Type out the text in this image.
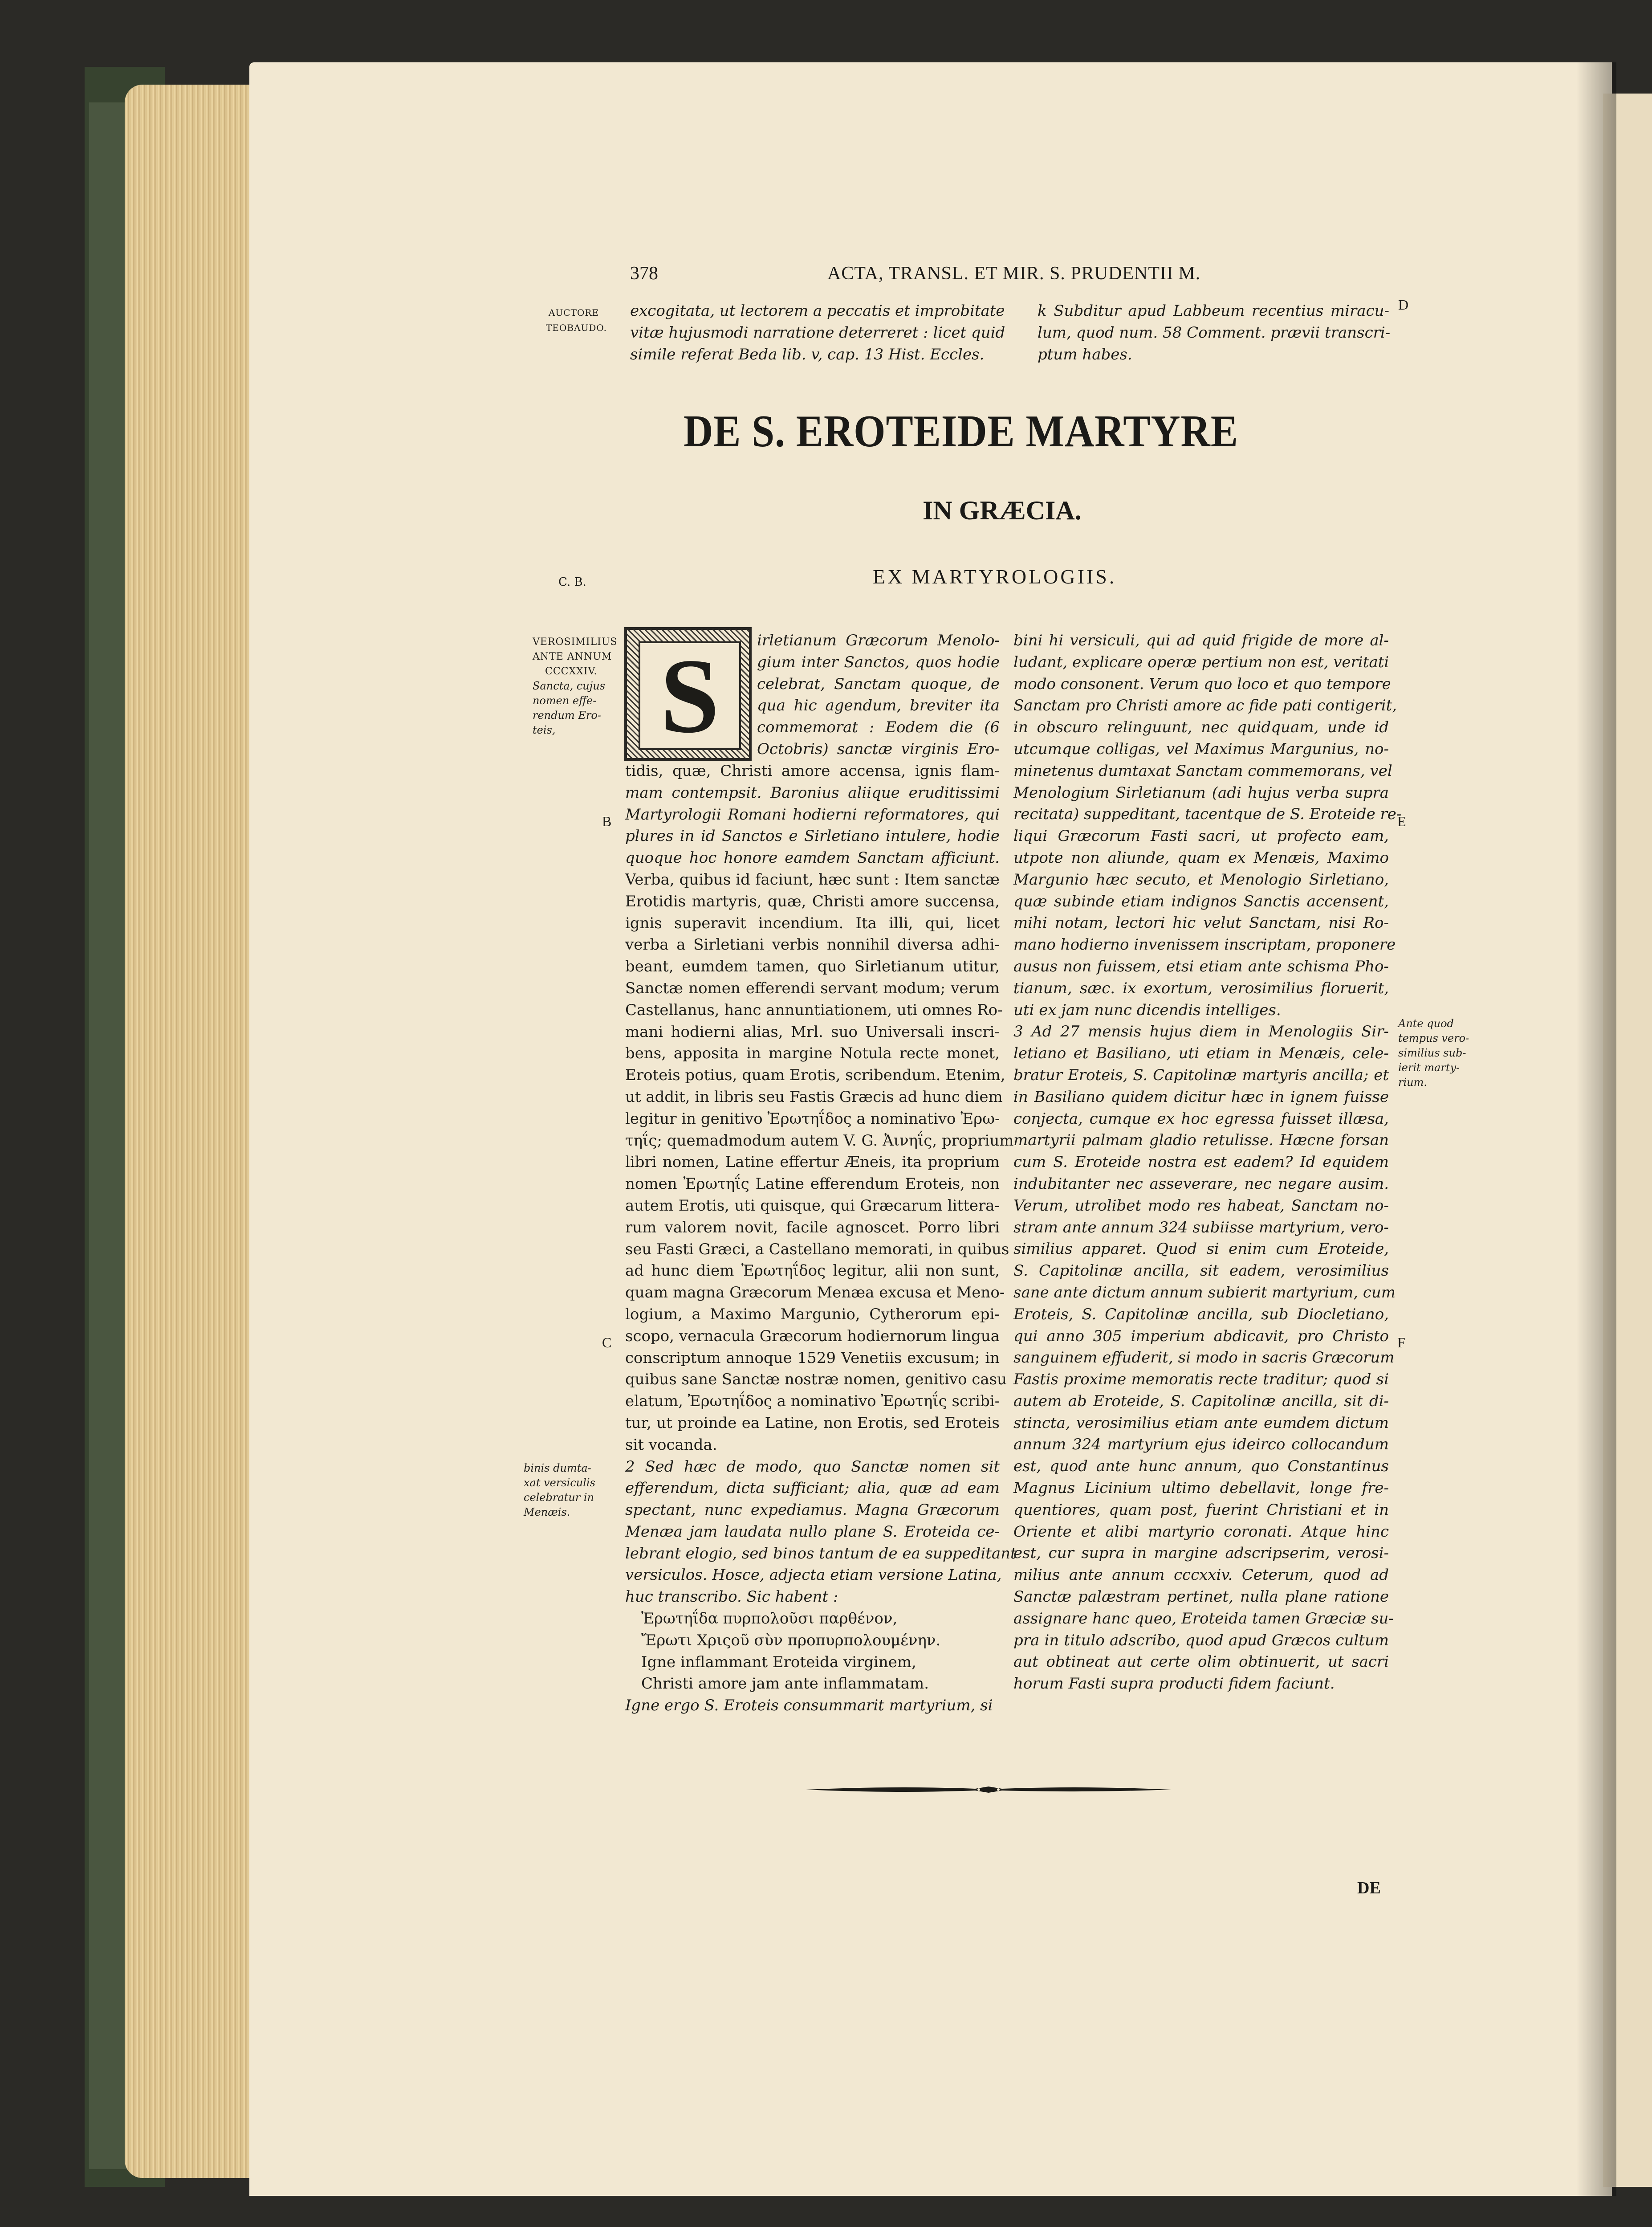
378	ACTA, TRANSL. ET MIR. S. PRUDENTII M.
D
AUCTORE
TEOBAUDO.
excogitata, ut lectorem a peccatis et improbitate
vitæ hujusmodi narratione deterreret : licet quid
simile referat Beda lib. v, cap. 13 Hist. Eccles.
k Subditur apud Labbeum recentius miracu-
lum, quod num. 58 Comment. prævii transcri-
ptum habes.
DE S. EROTEIDE MARTYRE
IN GRÆCIA.
EX MARTYROLOGIIS.
C. B.
VEROSIMILIUS
ANTE ANNUM
CCCXXIV.
Sancta, cujus
nomen effe-
rendum Ero-
teis,
binis dumta-
xat versiculis
celebratur in
Menæis.
Ante quod
tempus vero-
similius sub-
ierit marty-
rium.
B
C
E
F
S	irletianum Græcorum Menolo-
gium inter Sanctos, quos hodie
celebrat, Sanctam quoque, de
qua hic agendum, breviter ita
commemorat : Eodem die (6
Octobris) sanctæ virginis Ero-
tidis, quæ, Christi amore accensa, ignis flam-
mam contempsit. Baronius aliique eruditissimi
Martyrologii Romani hodierni reformatores, qui
plures in id Sanctos e Sirletiano intulere, hodie
quoque hoc honore eamdem Sanctam afficiunt.
Verba, quibus id faciunt, hæc sunt : Item sanctæ
Erotidis martyris, quæ, Christi amore succensa,
ignis superavit incendium. Ita illi, qui, licet
verba a Sirletiani verbis nonnihil diversa adhi-
beant, eumdem tamen, quo Sirletianum utitur,
Sanctæ nomen efferendi servant modum; verum
Castellanus, hanc annuntiationem, uti omnes Ro-
mani hodierni alias, Mrl. suo Universali inscri-
bens, apposita in margine Notula recte monet,
Eroteis potius, quam Erotis, scribendum. Etenim,
ut addit, in libris seu Fastis Græcis ad hunc diem
legitur in genitivo Ἐρωτηΐδος a nominativo Ἐρω-
τηΐς; quemadmodum autem V. G. Ἀινηΐς, proprium
libri nomen, Latine effertur Æneis, ita proprium
nomen Ἐρωτηΐς Latine efferendum Eroteis, non
autem Erotis, uti quisque, qui Græcarum littera-
rum valorem novit, facile agnoscet. Porro libri
seu Fasti Græci, a Castellano memorati, in quibus
ad hunc diem Ἐρωτηΐδος legitur, alii non sunt,
quam magna Græcorum Menæa excusa et Meno-
logium, a Maximo Margunio, Cytherorum epi-
scopo, vernacula Græcorum hodiernorum lingua
conscriptum annoque 1529 Venetiis excusum; in
quibus sane Sanctæ nostræ nomen, genitivo casu
elatum, Ἐρωτηΐδος a nominativo Ἐρωτηΐς scribi-
tur, ut proinde ea Latine, non Erotis, sed Eroteis
sit vocanda.
2 Sed hæc de modo, quo Sanctæ nomen sit
efferendum, dicta sufficiant; alia, quæ ad eam
spectant, nunc expediamus. Magna Græcorum
Menæa jam laudata nullo plane S. Eroteida ce-
lebrant elogio, sed binos tantum de ea suppeditant
versiculos. Hosce, adjecta etiam versione Latina,
huc transcribo. Sic habent :
Ἐρωτηΐδα πυρπολοῦσι παρθένον,
Ἔρωτι Χριςοῦ σὺν προπυρπολουμένην.
Igne inflammant Eroteida virginem,
Christi amore jam ante inflammatam.
Igne ergo S. Eroteis consummarit martyrium, si
bini hi versiculi, qui ad quid frigide de more al-
ludant, explicare operæ pertium non est, veritati
modo consonent. Verum quo loco et quo tempore
Sanctam pro Christi amore ac fide pati contigerit,
in obscuro relinguunt, nec quidquam, unde id
utcumque colligas, vel Maximus Margunius, no-
minetenus dumtaxat Sanctam commemorans, vel
Menologium Sirletianum (adi hujus verba supra
recitata) suppeditant, tacentque de S. Eroteide re-
liqui Græcorum Fasti sacri, ut profecto eam,
utpote non aliunde, quam ex Menæis, Maximo
Margunio hæc secuto, et Menologio Sirletiano,
quæ subinde etiam indignos Sanctis accensent,
mihi notam, lectori hic velut Sanctam, nisi Ro-
mano hodierno invenissem inscriptam, proponere
ausus non fuissem, etsi etiam ante schisma Pho-
tianum, sæc. ix exortum, verosimilius floruerit,
uti ex jam nunc dicendis intelliges.
3 Ad 27 mensis hujus diem in Menologiis Sir-
letiano et Basiliano, uti etiam in Menæis, cele-
bratur Eroteis, S. Capitolinæ martyris ancilla; et
in Basiliano quidem dicitur hæc in ignem fuisse
conjecta, cumque ex hoc egressa fuisset illæsa,
martyrii palmam gladio retulisse. Hæcne forsan
cum S. Eroteide nostra est eadem? Id equidem
indubitanter nec asseverare, nec negare ausim.
Verum, utrolibet modo res habeat, Sanctam no-
stram ante annum 324 subiisse martyrium, vero-
similius apparet. Quod si enim cum Eroteide,
S. Capitolinæ ancilla, sit eadem, verosimilius
sane ante dictum annum subierit martyrium, cum
Eroteis, S. Capitolinæ ancilla, sub Diocletiano,
qui anno 305 imperium abdicavit, pro Christo
sanguinem effuderit, si modo in sacris Græcorum
Fastis proxime memoratis recte traditur; quod si
autem ab Eroteide, S. Capitolinæ ancilla, sit di-
stincta, verosimilius etiam ante eumdem dictum
annum 324 martyrium ejus ideirco collocandum
est, quod ante hunc annum, quo Constantinus
Magnus Licinium ultimo debellavit, longe fre-
quentiores, quam post, fuerint Christiani et in
Oriente et alibi martyrio coronati. Atque hinc
est, cur supra in margine adscripserim, verosi-
milius ante annum cccxxiv. Ceterum, quod ad
Sanctæ palæstram pertinet, nulla plane ratione
assignare hanc queo, Eroteida tamen Græciæ su-
pra in titulo adscribo, quod apud Græcos cultum
aut obtineat aut certe olim obtinuerit, ut sacri
horum Fasti supra producti fidem faciunt.
DE
